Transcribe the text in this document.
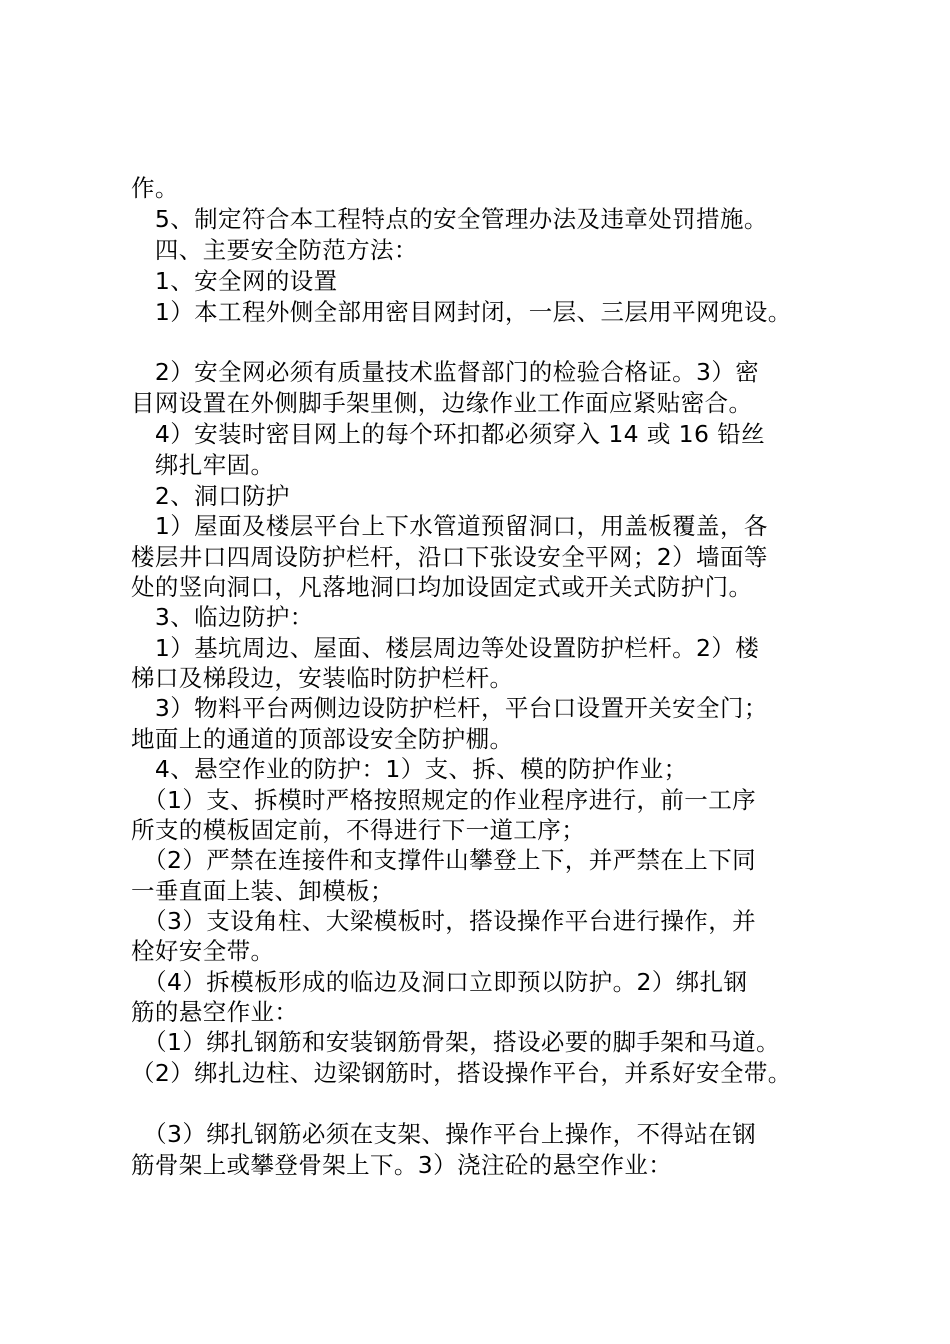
作。
　5、制定符合本工程特点的安全管理办法及违章处罚措施。
　四、主要安全防范方法：
　1、安全网的设置
　1）本工程外侧全部用密目网封闭，一层、三层用平网兜设。
　2）安全网必须有质量技术监督部门的检验合格证。3）密
目网设置在外侧脚手架里侧，边缘作业工作面应紧贴密合。
　4）安装时密目网上的每个环扣都必须穿入 14 或 16 铅丝
　绑扎牢固。
　2、洞口防护
　1）屋面及楼层平台上下水管道预留洞口，用盖板覆盖，各
楼层井口四周设防护栏杆，沿口下张设安全平网；2）墙面等
处的竖向洞口，凡落地洞口均加设固定式或开关式防护门。
　3、临边防护：
　1）基坑周边、屋面、楼层周边等处设置防护栏杆。2）楼
梯口及梯段边，安装临时防护栏杆。
　3）物料平台两侧边设防护栏杆，平台口设置开关安全门；
地面上的通道的顶部设安全防护棚。
　4、悬空作业的防护：1）支、拆、模的防护作业；
　（1）支、拆模时严格按照规定的作业程序进行，前一工序
所支的模板固定前，不得进行下一道工序；
　（2）严禁在连接件和支撑件山攀登上下，并严禁在上下同
一垂直面上装、卸模板；
　（3）支设角柱、大梁模板时，搭设操作平台进行操作，并
栓好安全带。
　（4）拆模板形成的临边及洞口立即预以防护。2）绑扎钢
筋的悬空作业：
　（1）绑扎钢筋和安装钢筋骨架，搭设必要的脚手架和马道。
（2）绑扎边柱、边梁钢筋时，搭设操作平台，并系好安全带。
　（3）绑扎钢筋必须在支架、操作平台上操作，不得站在钢
筋骨架上或攀登骨架上下。3）浇注砼的悬空作业：
